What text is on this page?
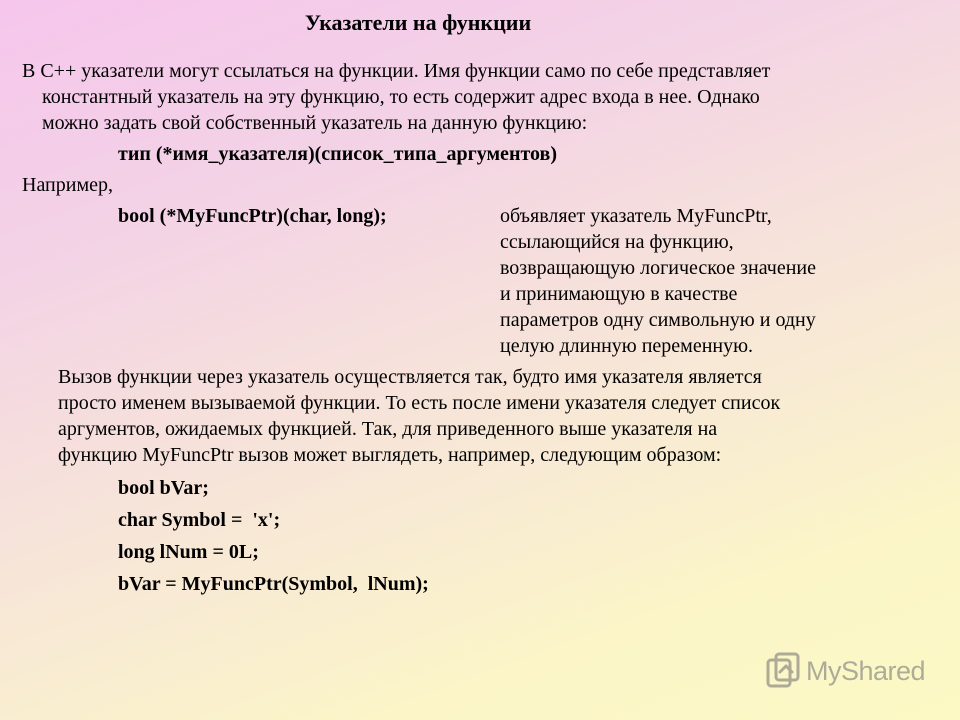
Указатели на функции

В С++ указатели могут ссылаться на функции. Имя функции само по себе представляет
константный указатель на эту функцию, то есть содержит адрес входа в нее. Однако
можно задать свой собственный указатель на данную функцию:

тип (*имя_указателя)(список_типа_аргументов)
Например,
bool (*MyFuncPtr)(char, long);	объявляет указатель MyFuncPtr,
ссылающийся на функцию,
возвращающую логическое значение
и принимающую в качестве
параметров одну символьную и одну
целую длинную переменную.

Вызов функции через указатель осуществляется так, будто имя указателя является
просто именем вызываемой функции. То есть после имени указателя следует список
аргументов, ожидаемых функцией. Так, для приведенного выше указателя на
функцию MyFuncPtr вызов может выглядеть, например, следующим образом:

bool bVar;
char Symbol =  'x';
long lNum = 0L;
bVar = MyFuncPtr(Symbol,  lNum);
MyShared
